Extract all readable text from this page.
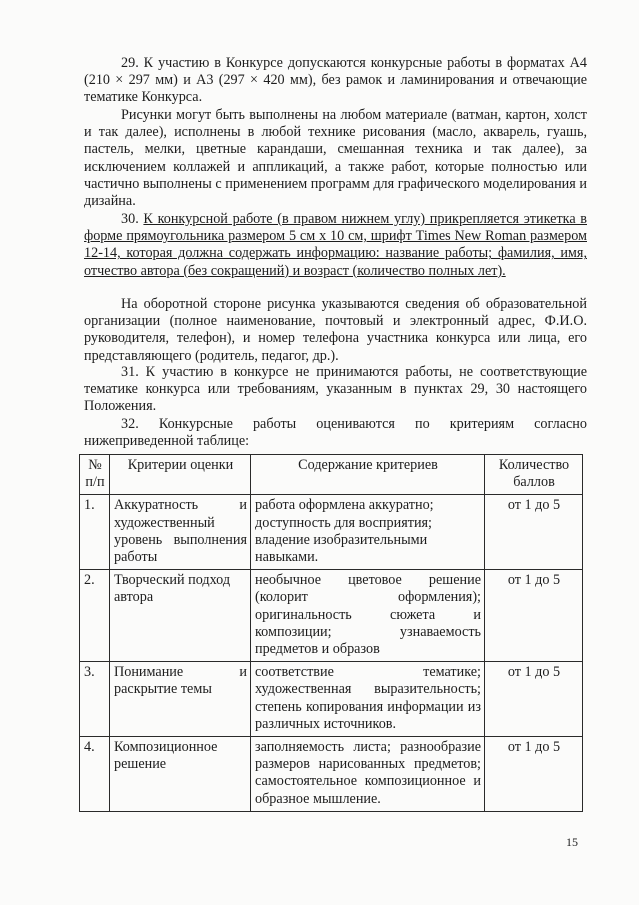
29. К участию в Конкурсе допускаются конкурсные работы в форматах А4 (210 × 297 мм) и А3 (297 × 420 мм), без рамок и ламинирования и отвечающие тематике Конкурса.

Рисунки могут быть выполнены на любом материале (ватман, картон, холст и так далее), исполнены в любой технике рисования (масло, акварель, гуашь, пастель, мелки, цветные карандаши, смешанная техника и так далее), за исключением коллажей и аппликаций, а также работ, которые полностью или частично выполнены с применением программ для графического моделирования и дизайна.

30. К конкурсной работе (в правом нижнем углу) прикрепляется этикетка в форме прямоугольника размером 5 см х 10 см, шрифт Times New Roman размером 12-14, которая должна содержать информацию: название работы; фамилия, имя, отчество автора (без сокращений) и возраст (количество полных лет).

На оборотной стороне рисунка указываются сведения об образовательной организации (полное наименование, почтовый и электронный адрес, Ф.И.О. руководителя, телефон), и номер телефона участника конкурса или лица, его представляющего (родитель, педагог, др.).

31. К участию в конкурсе не принимаются работы, не соответствующие тематике конкурса или требованиям, указанным в пунктах 29, 30 настоящего Положения.

32. Конкурсные работы оцениваются по критериям согласно нижеприведенной таблице:

№ п/п	Критерии оценки	Содержание критериев	Количество баллов
1.	Аккуратность и художественный уровень выполнения работы	работа оформлена аккуратно; доступность для восприятия; владение изобразительными навыками.	от 1 до 5
2.	Творческий подход автора	необычное цветовое решение (колорит оформления); оригинальность сюжета и композиции; узнаваемость предметов и образов	от 1 до 5
3.	Понимание и раскрытие темы	соответствие тематике; художественная выразительность; степень копирования информации из различных источников.	от 1 до 5
4.	Композиционное решение	заполняемость листа; разнообразие размеров нарисованных предметов; самостоятельное композиционное и образное мышление.	от 1 до 5
15
